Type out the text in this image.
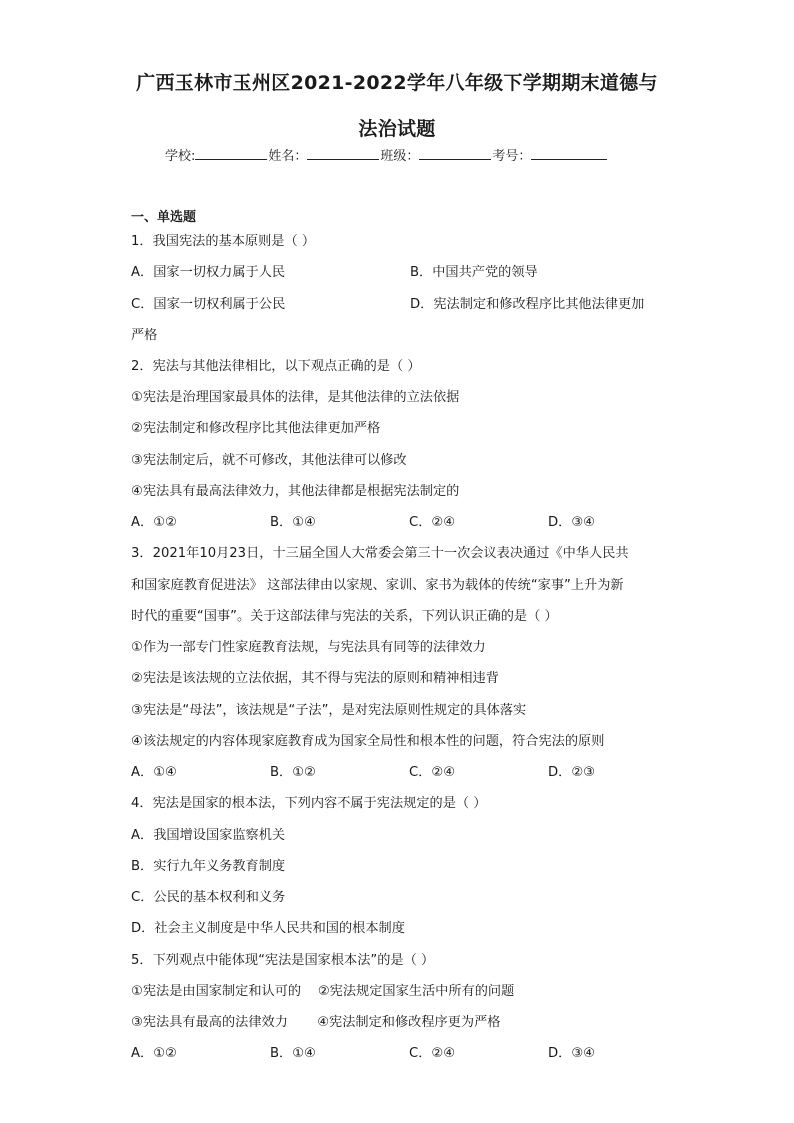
广西玉林市玉州区2021-2022学年八年级下学期期末道德与
法治试题
学校:	姓名：	班级：	考号：
一、单选题
1．我国宪法的基本原则是（ ）
A．国家一切权力属于人民	B．中国共产党的领导
C．国家一切权利属于公民	D．宪法制定和修改程序比其他法律更加
严格
2．宪法与其他法律相比，以下观点正确的是（ ）
①宪法是治理国家最具体的法律，是其他法律的立法依据
②宪法制定和修改程序比其他法律更加严格
③宪法制定后，就不可修改，其他法律可以修改
④宪法具有最高法律效力，其他法律都是根据宪法制定的
A．①②	B．①④	C．②④	D．③④
3．2021年10月23日，十三届全国人大常委会第三十一次会议表决通过《中华人民共
和国家庭教育促进法》 这部法律由以家规、家训、家书为载体的传统“家事”上升为新
时代的重要“国事”。关于这部法律与宪法的关系，下列认识正确的是（ ）
①作为一部专门性家庭教育法规，与宪法具有同等的法律效力
②宪法是该法规的立法依据，其不得与宪法的原则和精神相违背
③宪法是“母法”，该法规是“子法”，是对宪法原则性规定的具体落实
④该法规定的内容体现家庭教育成为国家全局性和根本性的问题，符合宪法的原则
A．①④	B．①②	C．②④	D．②③
4．宪法是国家的根本法，下列内容不属于宪法规定的是（ ）
A．我国增设国家监察机关
B．实行九年义务教育制度
C．公民的基本权利和义务
D．社会主义制度是中华人民共和国的根本制度
5．下列观点中能体现“宪法是国家根本法”的是（ ）
①宪法是由国家制定和认可的    ②宪法规定国家生活中所有的问题
③宪法具有最高的法律效力       ④宪法制定和修改程序更为严格
A．①②	B．①④	C．②④	D．③④
